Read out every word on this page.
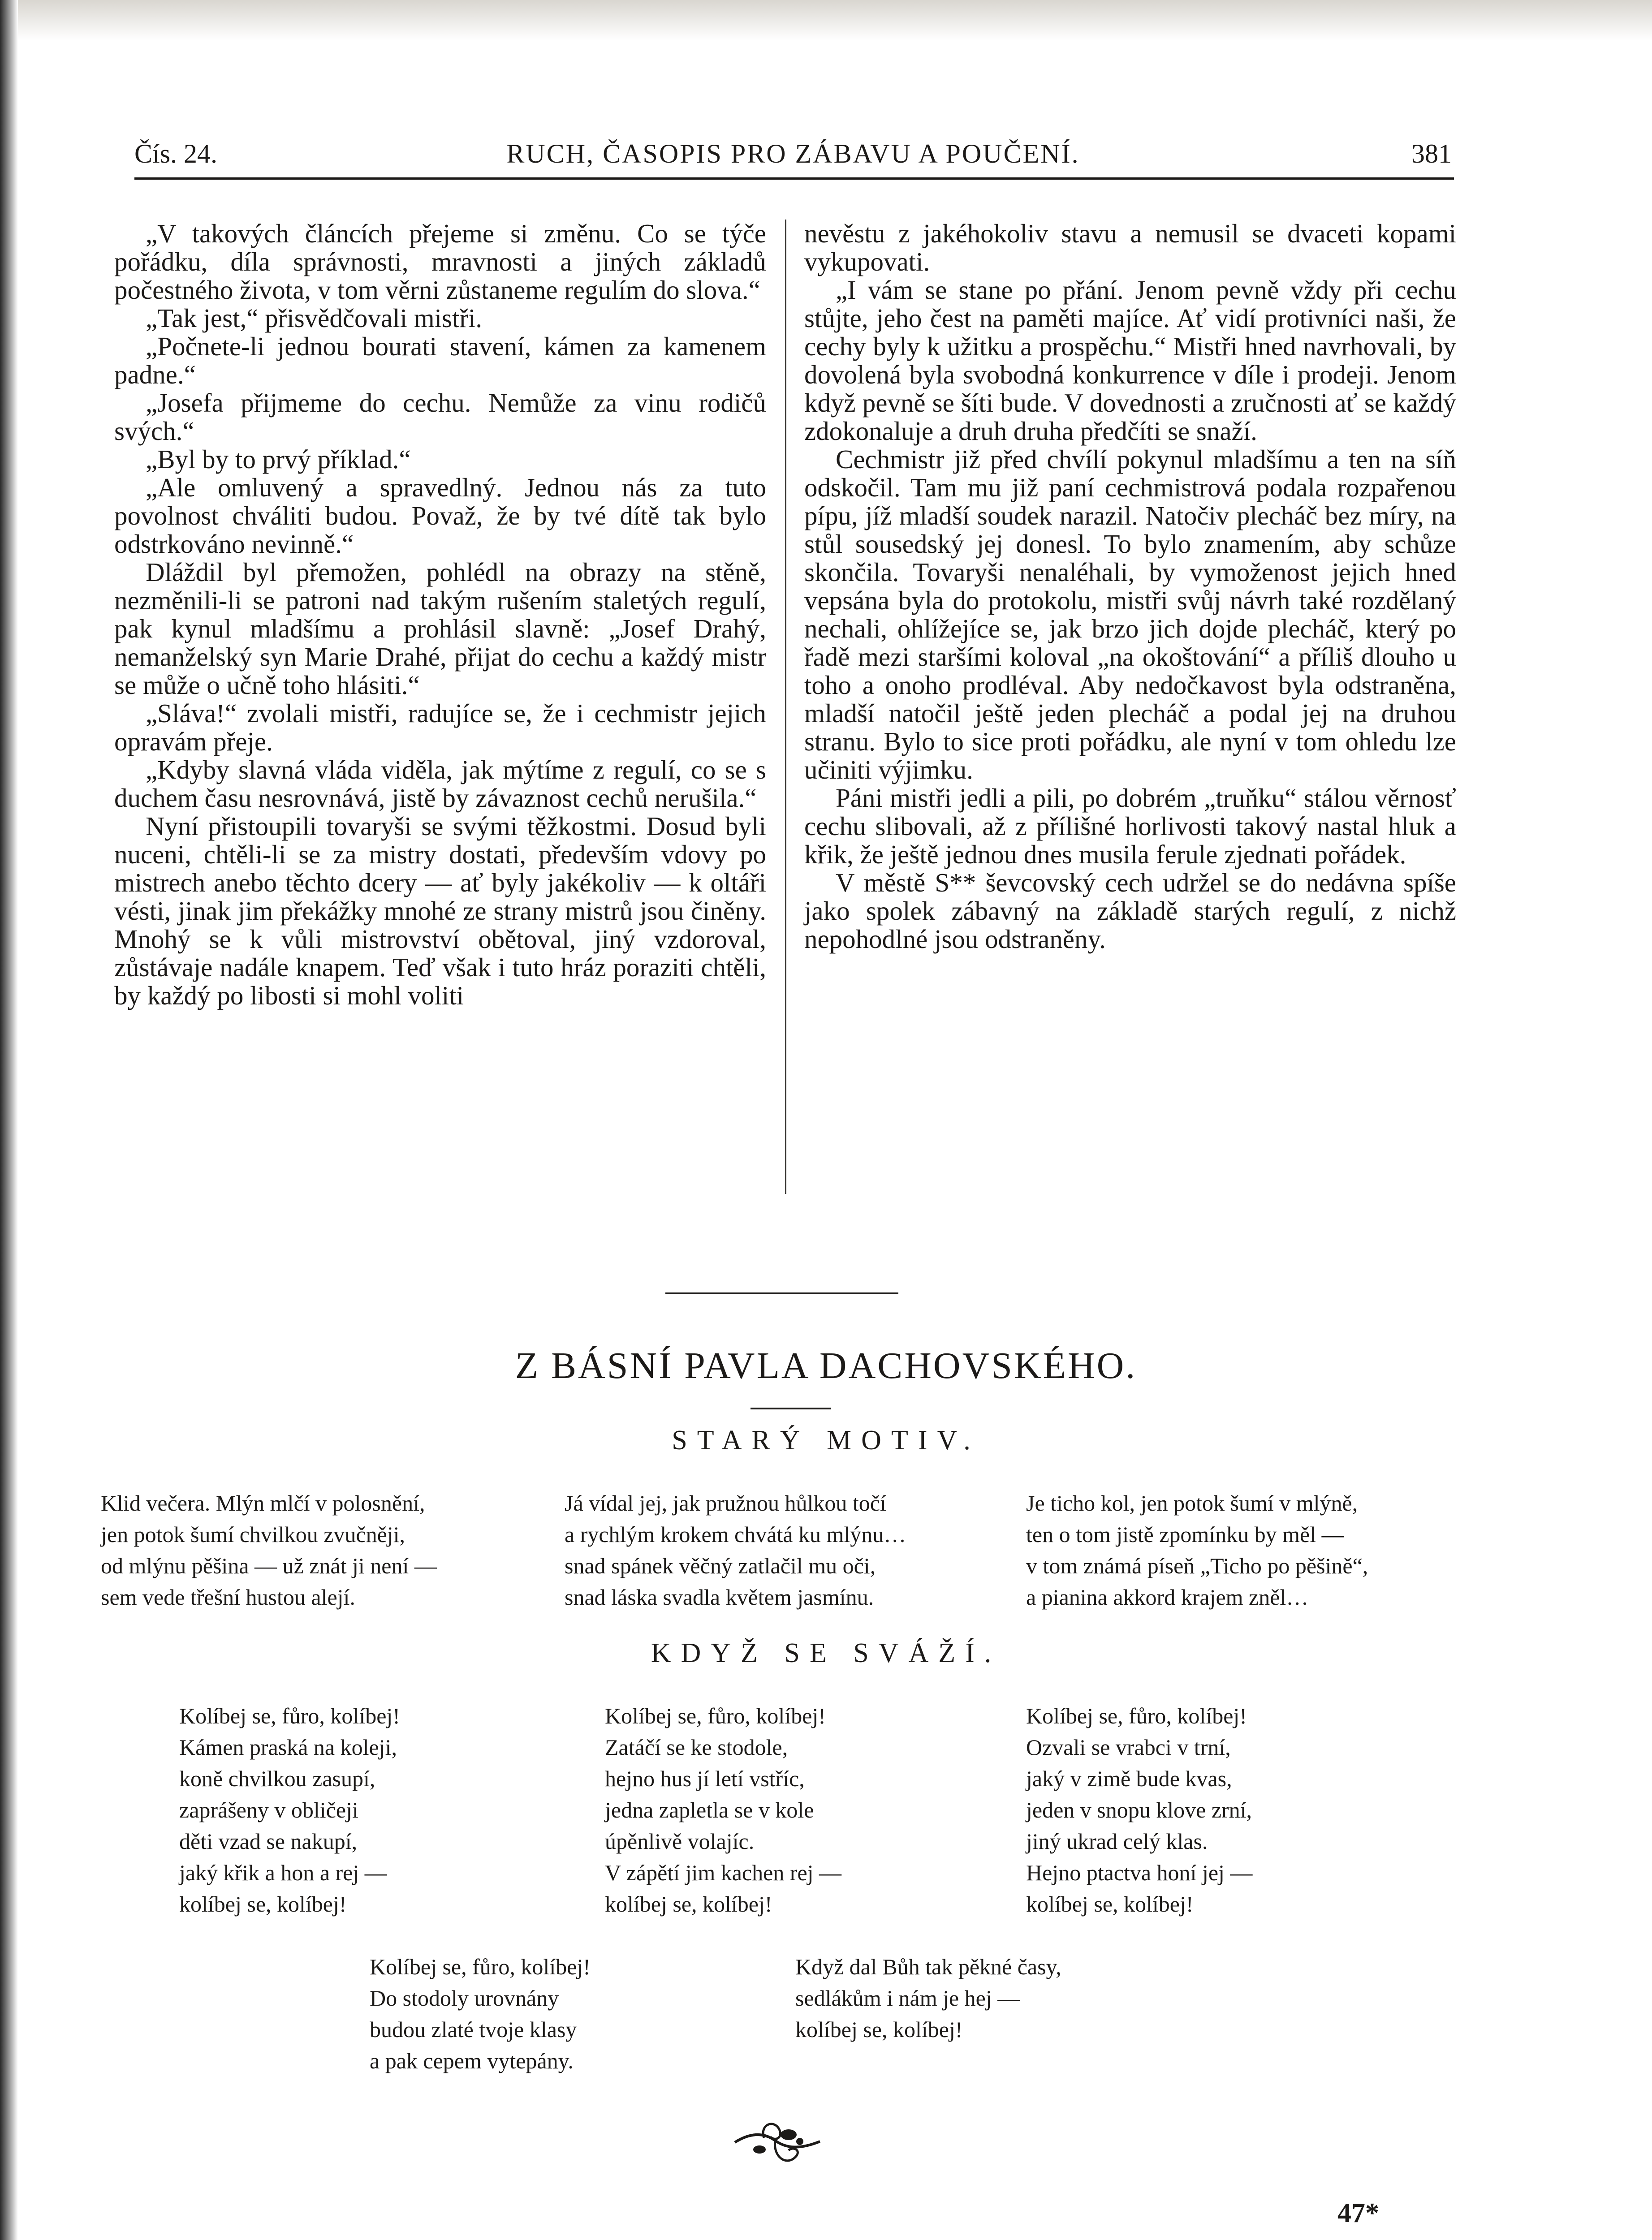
Čís. 24.	RUCH, ČASOPIS PRO ZÁBAVU A POUČENÍ.	381

„V takových článcích přejeme si změnu. Co se týče pořádku, díla správnosti, mravnosti a jiných základů počestného života, v tom věrni zůstaneme regulím do slova.“

„Tak jest,“ přisvědčovali mistři.

„Počnete-li jednou bourati stavení, kámen za kamenem padne.“

„Josefa přijmeme do cechu. Nemůže za vinu rodičů svých.“

„Byl by to prvý příklad.“

„Ale omluvený a spravedlný. Jednou nás za tuto povolnost chváliti budou. Považ, že by tvé dítě tak bylo odstrkováno nevinně.“

Dláždil byl přemožen, pohlédl na obrazy na stěně, nezměnili-li se patroni nad takým rušením staletých regulí, pak kynul mladšímu a prohlásil slavně: „Josef Drahý, nemanželský syn Marie Drahé, přijat do cechu a každý mistr se může o učně toho hlásiti.“

„Sláva!“ zvolali mistři, radujíce se, že i cechmistr jejich opravám přeje.

„Kdyby slavná vláda viděla, jak mýtíme z regulí, co se s duchem času nesrovnává, jistě by závaznost cechů nerušila.“

Nyní přistoupili tovaryši se svými těžkostmi. Dosud byli nuceni, chtěli-li se za mistry dostati, především vdovy po mistrech anebo těchto dcery — ať byly jakékoliv — k oltáři vésti, jinak jim překážky mnohé ze strany mistrů jsou činěny. Mnohý se k vůli mistrovství obětoval, jiný vzdoroval, zůstávaje nadále knapem. Teď však i tuto hráz poraziti chtěli, by každý po libosti si mohl voliti

nevěstu z jakéhokoliv stavu a nemusil se dvaceti kopami vykupovati.

„I vám se stane po přání. Jenom pevně vždy při cechu stůjte, jeho čest na paměti majíce. Ať vidí protivníci naši, že cechy byly k užitku a prospěchu.“ Mistři hned navrhovali, by dovolená byla svobodná konkurrence v díle i prodeji. Jenom když pevně se šíti bude. V dovednosti a zručnosti ať se každý zdokonaluje a druh druha předčíti se snaží.

Cechmistr již před chvílí pokynul mladšímu a ten na síň odskočil. Tam mu již paní cechmistrová podala rozpařenou pípu, jíž mladší soudek narazil. Natočiv plecháč bez míry, na stůl sousedský jej donesl. To bylo znamením, aby schůze skončila. Tovaryši nenaléhali, by vymoženost jejich hned vepsána byla do protokolu, mistři svůj návrh také rozdělaný nechali, ohlížejíce se, jak brzo jich dojde plecháč, který po řadě mezi staršími koloval „na okoštování“ a příliš dlouho u toho a onoho prodléval. Aby nedočkavost byla odstraněna, mladší natočil ještě jeden plecháč a podal jej na druhou stranu. Bylo to sice proti pořádku, ale nyní v tom ohledu lze učiniti výjimku.

Páni mistři jedli a pili, po dobrém „truňku“ stálou věrnosť cechu slibovali, až z přílišné horlivosti takový nastal hluk a křik, že ještě jednou dnes musila ferule zjednati pořádek.

V městě S** ševcovský cech udržel se do nedávna spíše jako spolek zábavný na základě starých regulí, z nichž nepohodlné jsou odstraněny.

Z BÁSNÍ PAVLA DACHOVSKÉHO.
STARÝ MOTIV.
Klid večera. Mlýn mlčí v polosnění,
jen potok šumí chvilkou zvučněji,
od mlýnu pěšina — už znát ji není —
sem vede třešní hustou alejí.
Já vídal jej, jak pružnou hůlkou točí
a rychlým krokem chvátá ku mlýnu…
snad spánek věčný zatlačil mu oči,
snad láska svadla květem jasmínu.
Je ticho kol, jen potok šumí v mlýně,
ten o tom jistě zpomínku by měl —
v tom známá píseň „Ticho po pěšině“,
a pianina akkord krajem zněl…
KDYŽ SE SVÁŽÍ.
Kolíbej se, fůro, kolíbej!
Kámen praská na koleji,
koně chvilkou zasupí,
zaprášeny v obličeji
děti vzad se nakupí,
jaký křik a hon a rej —
kolíbej se, kolíbej!
Kolíbej se, fůro, kolíbej!
Zatáčí se ke stodole,
hejno hus jí letí vstříc,
jedna zapletla se v kole
úpěnlivě volajíc.
V zápětí jim kachen rej —
kolíbej se, kolíbej!
Kolíbej se, fůro, kolíbej!
Ozvali se vrabci v trní,
jaký v zimě bude kvas,
jeden v snopu klove zrní,
jiný ukrad celý klas.
Hejno ptactva honí jej —
kolíbej se, kolíbej!
Kolíbej se, fůro, kolíbej!
Do stodoly urovnány
budou zlaté tvoje klasy
a pak cepem vytepány.
Když dal Bůh tak pěkné časy,
sedlákům i nám je hej —
kolíbej se, kolíbej!
47*
